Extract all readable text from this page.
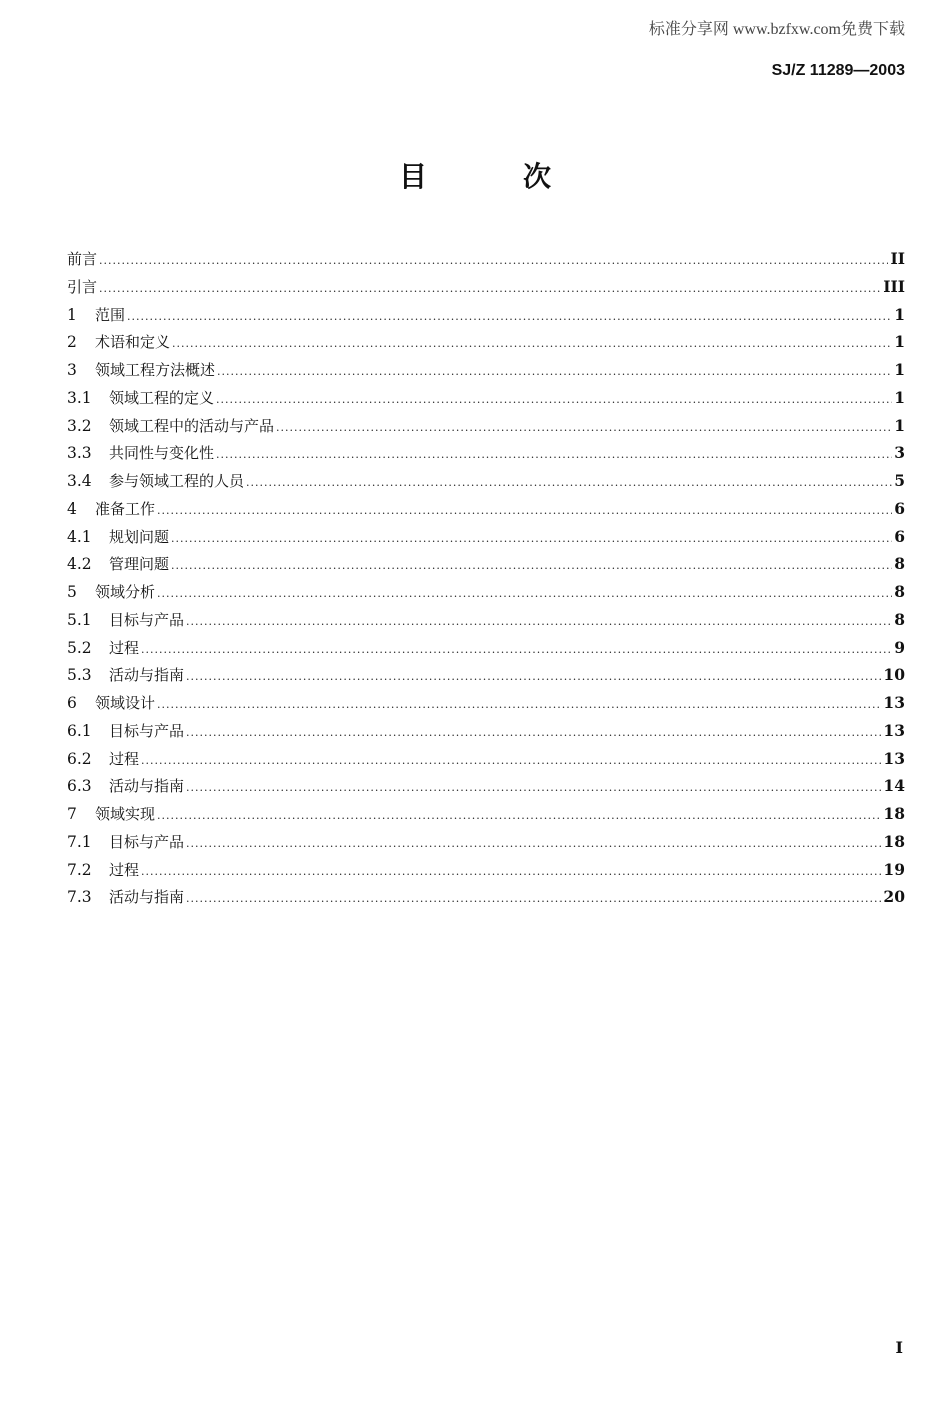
标准分享网 www.bzfxw.com免费下载
SJ/Z 11289—2003
目	次
前言 .....	II
引言 .....	III
1	范围 .....	1
2	术语和定义 .....	1
3	领域工程方法概述 .....	1
3.1	领域工程的定义 .....	1
3.2	领域工程中的活动与产品 .....	1
3.3	共同性与变化性 .....	3
3.4	参与领域工程的人员 .....	5
4	准备工作 .....	6
4.1	规划问题 .....	6
4.2	管理问题 .....	8
5	领域分析 .....	8
5.1	目标与产品 .....	8
5.2	过程 .....	9
5.3	活动与指南 .....	10
6	领域设计 .....	13
6.1	目标与产品 .....	13
6.2	过程 .....	13
6.3	活动与指南 .....	14
7	领域实现 .....	18
7.1	目标与产品 .....	18
7.2	过程 .....	19
7.3	活动与指南 .....	20
I
